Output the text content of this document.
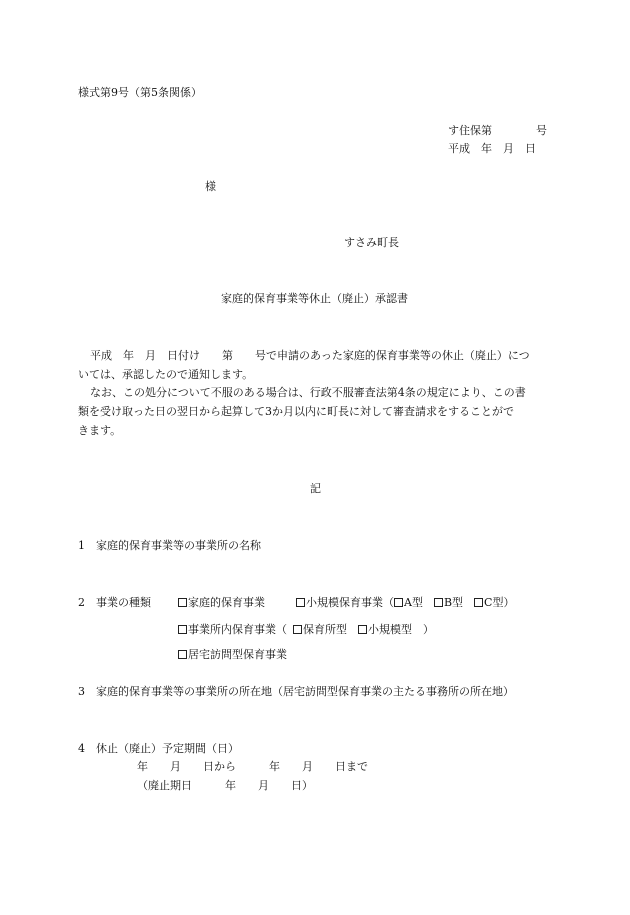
様式第9号（第5条関係）
す住保第　　　　号
平成　年　月　日
様
すさみ町長
家庭的保育事業等休止（廃止）承認書
平成　年　月　日付け　　第　　号で申請のあった家庭的保育事業等の休止（廃止）につ
いては、承認したので通知します。
なお、この処分について不服のある場合は、行政不服審査法第4条の規定により、この書
類を受け取った日の翌日から起算して3か月以内に町長に対して審査請求をすることがで
きます。
記
1　家庭的保育事業等の事業所の名称
2　事業の種類	家庭的保育事業	小規模保育事業（ A型 B型 C型）
事業所内保育事業（ 保育所型 小規模型　）
居宅訪問型保育事業
3　家庭的保育事業等の事業所の所在地（居宅訪問型保育事業の主たる事務所の所在地）
4　休止（廃止）予定期間（日）
年　　月　　日から　　　年　　月　　日まで
（廃止期日　　　年　　月　　日）
